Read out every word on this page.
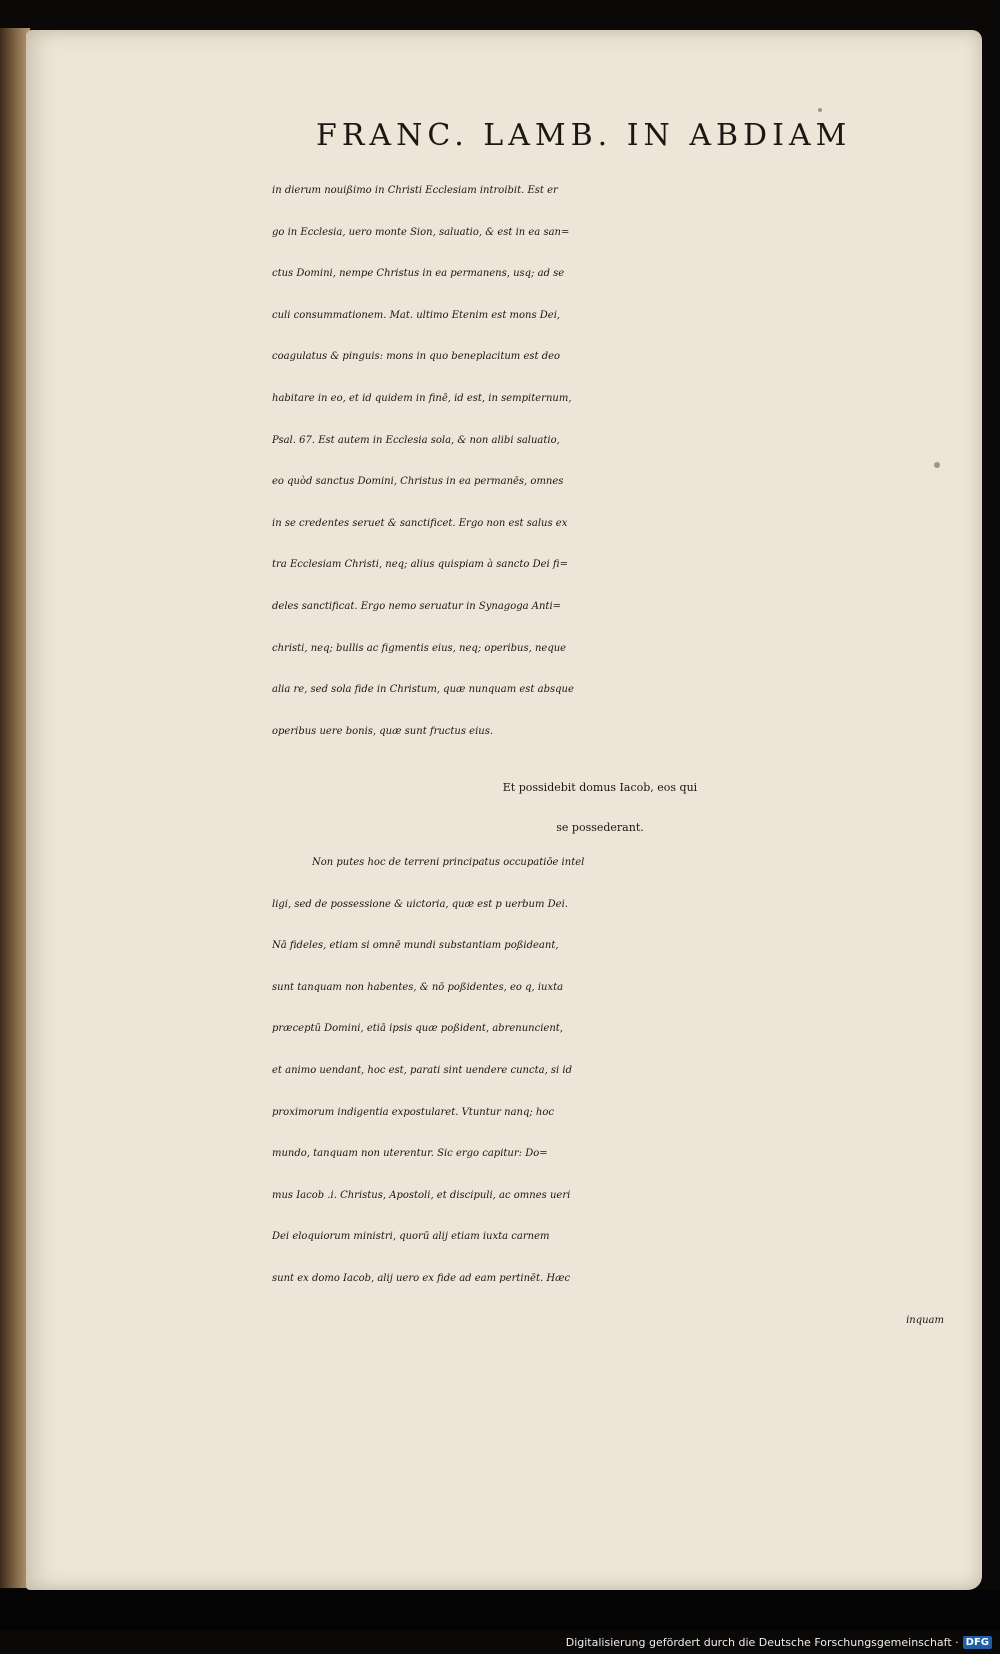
FRANC. LAMB. IN ABDIAM
in dierum nouißimo in Christi Ecclesiam introibit. Est er
go in Ecclesia, uero monte Sion, saluatio, & est in ea san=
ctus Domini, nempe Christus in ea permanens, usq; ad se
culi consummationem. Mat. ultimo Etenim est mons Dei,
coagulatus & pinguis: mons in quo beneplacitum est deo
habitare in eo, et id quidem in finē, id est, in sempiternum,
Psal. 67. Est autem in Ecclesia sola, & non alibi saluatio,
eo quòd sanctus Domini, Christus in ea permanēs, omnes
in se credentes seruet & sanctificet. Ergo non est salus ex
tra Ecclesiam Christi, neq; alius quispiam à sancto Dei fi=
deles sanctificat. Ergo nemo seruatur in Synagoga Anti=
christi, neq; bullis ac figmentis eius, neq; operibus, neque
alia re, sed sola fide in Christum, quæ nunquam est absque
operibus uere bonis, quæ sunt fructus eius.
Et possidebit domus Iacob, eos qui
se possederant.
Non putes hoc de terreni principatus occupatiōe intel
ligi, sed de possessione & uictoria, quæ est p uerbum Dei.
Nā fideles, etiam si omnē mundi substantiam poßideant,
sunt tanquam non habentes, & nō poßidentes, eo q, iuxta
præceptū Domini, etiā ipsis quæ poßident, abrenuncient,
et animo uendant, hoc est, parati sint uendere cuncta, si id
proximorum indigentia expostularet. Vtuntur nanq; hoc
mundo, tanquam non uterentur. Sic ergo capitur: Do=
mus Iacob .i. Christus, Apostoli, et discipuli, ac omnes ueri
Dei eloquiorum ministri, quorū alij etiam iuxta carnem
sunt ex domo Iacob, alij uero ex fide ad eam pertinēt. Hæc
inquam
Digitalisierung gefördert durch die Deutsche Forschungsgemeinschaft · DFG
